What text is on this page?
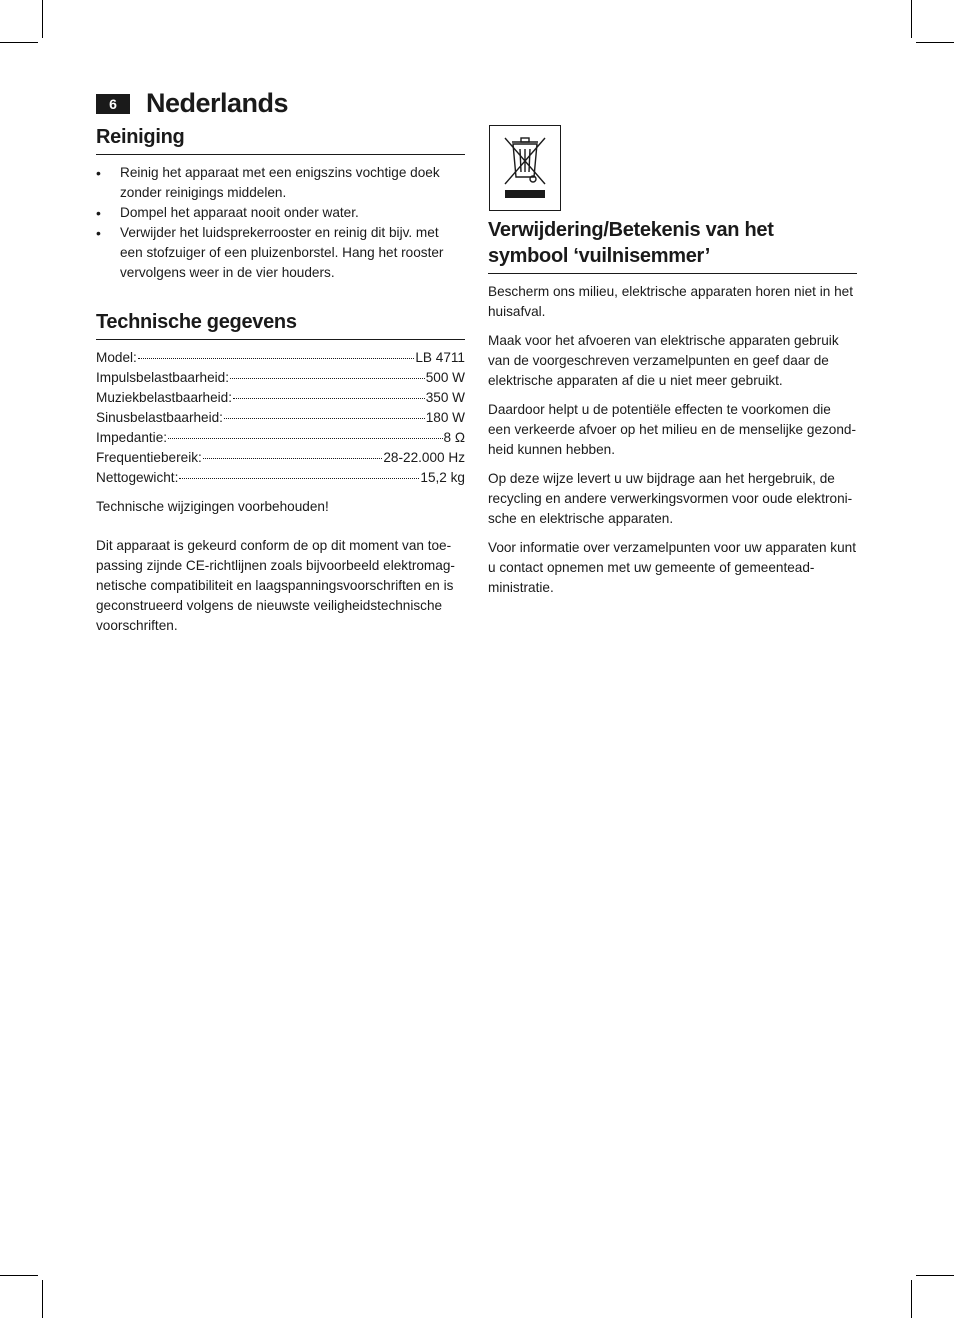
6	Nederlands
Reiniging
• Reinig het apparaat met een enigszins vochtige doek zonder reinigings middelen.
• Dompel het apparaat nooit onder water.
• Verwijder het luidsprekerrooster en reinig dit bijv. met een stofzuiger of een pluizenborstel. Hang het rooster vervolgens weer in de vier houders.
Technische gegevens
Model:	LB 4711
Impulsbelastbaarheid:	500 W
Muziekbelastbaarheid:	350 W
Sinusbelastbaarheid:	180 W
Impedantie:	8 Ω
Frequentiebereik:	28-22.000 Hz
Nettogewicht:	15,2 kg

Technische wijzigingen voorbehouden!

Dit apparaat is gekeurd conform de op dit moment van toe-passing zijnde CE-richtlijnen zoals bijvoorbeeld elektromag-netische compatibiliteit en laagspanningsvoorschriften en is geconstrueerd volgens de nieuwste veiligheidstechnische voorschriften.

Verwijdering/Betekenis van het symbool ‘vuilnisemmer’

Bescherm ons milieu, elektrische apparaten horen niet in het huisafval.

Maak voor het afvoeren van elektrische apparaten gebruik van de voorgeschreven verzamelpunten en geef daar de elektrische apparaten af die u niet meer gebruikt.

Daardoor helpt u de potentiële effecten te voorkomen die een verkeerde afvoer op het milieu en de menselijke gezond-heid kunnen hebben.

Op deze wijze levert u uw bijdrage aan het hergebruik, de recycling en andere verwerkingsvormen voor oude elektroni-sche en elektrische apparaten.

Voor informatie over verzamelpunten voor uw apparaten kunt u contact opnemen met uw gemeente of gemeentead-ministratie.
